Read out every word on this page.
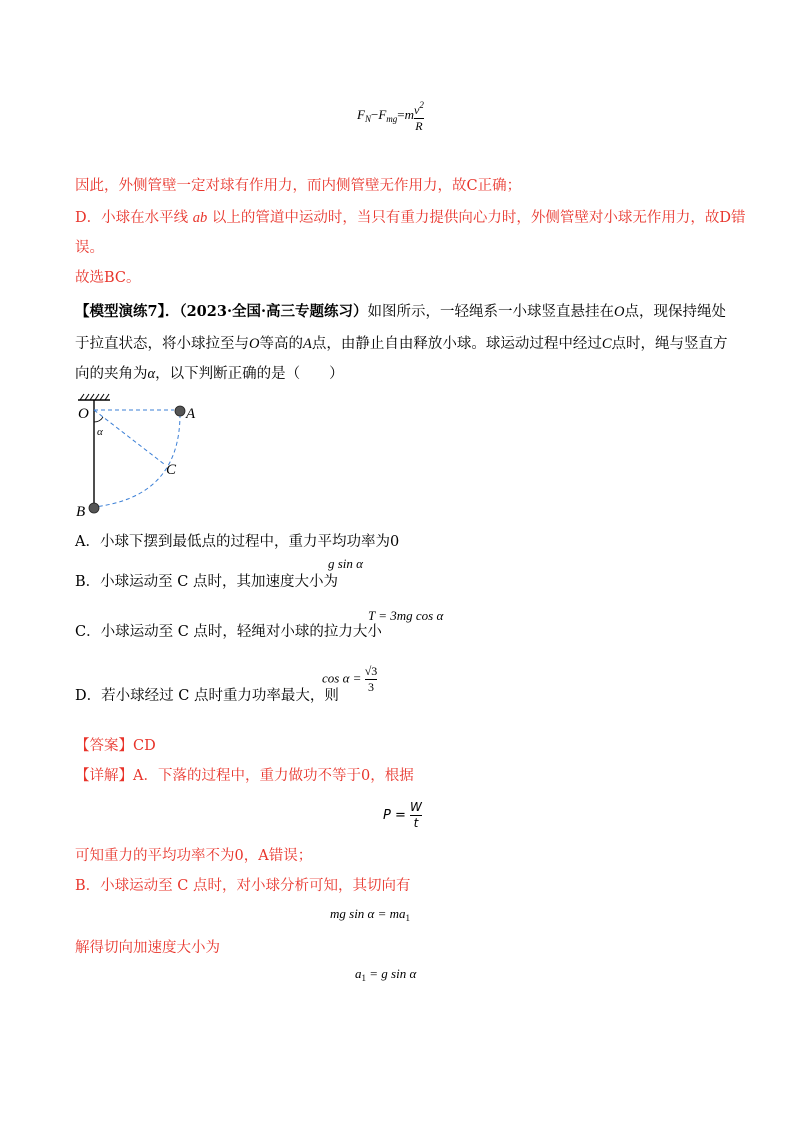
$F_N-F_{mg}=m \frac{v^2}{R}$
因此，外侧管壁一定对球有作用力，而内侧管壁无作用力，故C正确；
D．小球在水平线 ab 以上的管道中运动时，当只有重力提供向心力时，外侧管壁对小球无作用力，故D错
误。
故选BC。
【模型演练7】．（2023·全国·高三专题练习）如图所示，一轻绳系一小球竖直悬挂在O点，现保持绳处
于拉直状态，将小球拉至与O等高的A点，由静止自由释放小球。球运动过程中经过C点时，绳与竖直方
向的夹角为α，以下判断正确的是（　　）
O	A
C
B
α
A．小球下摆到最低点的过程中，重力平均功率为0
B．小球运动至 C 点时，其加速度大小为
g sin α
C．小球运动至 C 点时，轻绳对小球的拉力大小
T = 3mg cos α
D．若小球经过 C 点时重力功率最大，则
$\cos \alpha = \frac{√3}{3}$
【答案】CD
【详解】A．下落的过程中，重力做功不等于0，根据
$P = \frac{W}{t}$
可知重力的平均功率不为0，A错误；
B．小球运动至 C 点时，对小球分析可知，其切向有
mg $\sin \alpha = ma_1$
解得切向加速度大小为
$a_1 = g$ sin α
